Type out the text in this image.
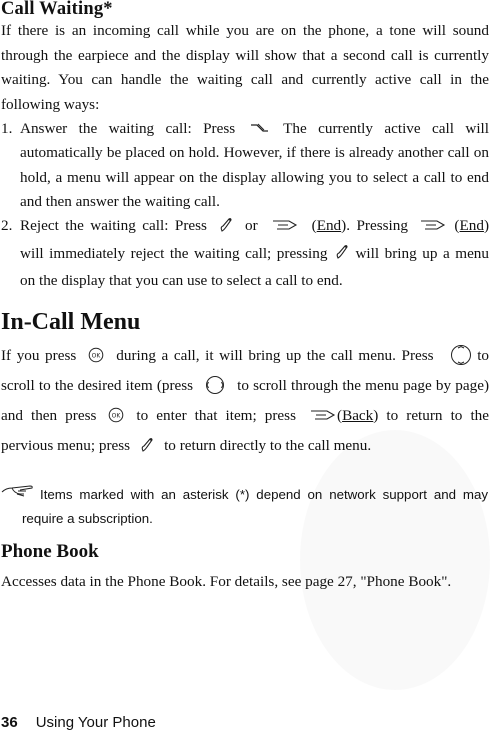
Call Waiting*
If there is an incoming call while you are on the phone, a tone will sound through the earpiece and the display will show that a second call is currently waiting. You can handle the waiting call and currently active call in the following ways:
1. Answer the waiting call: Press	The currently active call will automatically be placed on hold. However, if there is already another call on hold, a menu will appear on the display allowing you to select a call to end and then answer the waiting call.
2. Reject the waiting call: Press	or	(End). Pressing	(End) will immediately reject the waiting call; pressing will bring up a menu on the display that you can use to select a call to end.
In-Call Menu
If you press	OK during a call, it will bring up the call menu. Press	to scroll to the desired item (press	to scroll through the menu page by page) and then press	OK to enter that item; press	(Back) to return to the pervious menu; press to return directly to the call menu.
Items marked with an asterisk (*) depend on network support and may require a subscription.
Phone Book
Accesses data in the Phone Book. For details, see page 27, "Phone Book".
36 Using Your Phone
